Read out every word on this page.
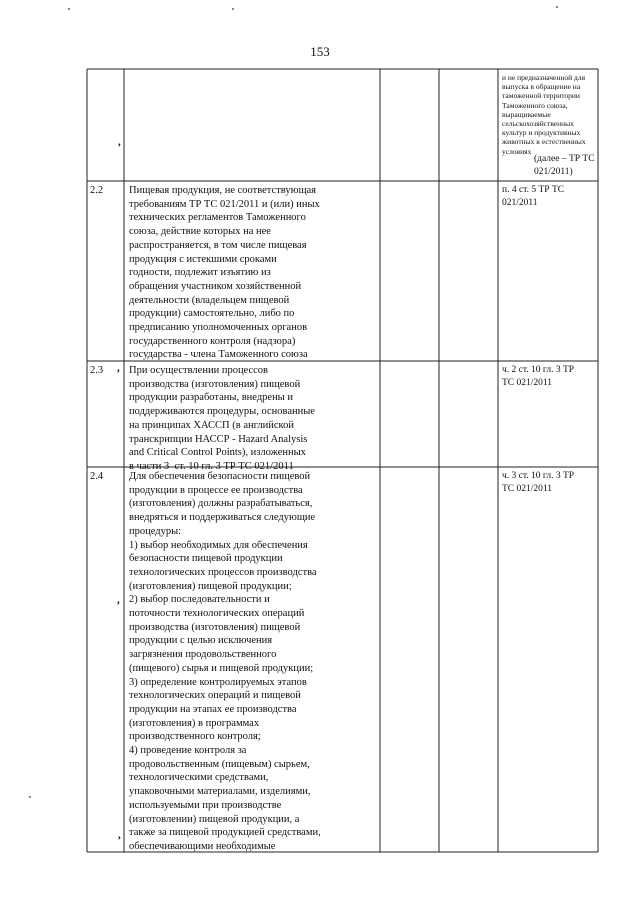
153
и не предназначенной для
выпуска в обращение на
таможенной территории
Таможенного союза,
выращиваемые
сельскохозяйственных
культур и продуктивных
животных в естественных
условиях
(далее – ТР ТС 021/2011)
2.2 Пищевая продукция, не соответствующая
требованиям ТР ТС 021/2011 и (или) иных
технических регламентов Таможенного
союза, действие которых на нее
распространяется, в том числе пищевая
продукция с истекшими сроками
годности, подлежит изъятию из
обращения участником хозяйственной
деятельности (владельцем пищевой
продукции) самостоятельно, либо по
предписанию уполномоченных органов
государственного контроля (надзора)
государства - члена Таможенного союза
п. 4 ст. 5 ТР ТС
021/2011
2.3 При осуществлении процессов
производства (изготовления) пищевой
продукции разработаны, внедрены и
поддерживаются процедуры, основанные
на принципах ХАССП (в английской
транскрипции НАССР - Hazard Analysis
and Critical Control Points), изложенных
в части 3  ст. 10 гл. 3 ТР ТС 021/2011
ч. 2 ст. 10 гл. 3 ТР
ТС 021/2011
2.4 Для обеспечения безопасности пищевой
продукции в процессе ее производства
(изготовления) должны разрабатываться,
внедряться и поддерживаться следующие
процедуры:
1) выбор необходимых для обеспечения
безопасности пищевой продукции
технологических процессов производства
(изготовления) пищевой продукции;
2) выбор последовательности и
поточности технологических операций
производства (изготовления) пищевой
продукции с целью исключения
загрязнения продовольственного
(пищевого) сырья и пищевой продукции;
3) определение контролируемых этапов
технологических операций и пищевой
продукции на этапах ее производства
(изготовления) в программах
производственного контроля;
4) проведение контроля за
продовольственным (пищевым) сырьем,
технологическими средствами,
упаковочными материалами, изделиями,
используемыми при производстве
(изготовлении) пищевой продукции, а
также за пищевой продукцией средствами,
обеспечивающими необходимые
ч. 3 ст. 10 гл. 3 ТР
ТС 021/2011
,
,
,
,
